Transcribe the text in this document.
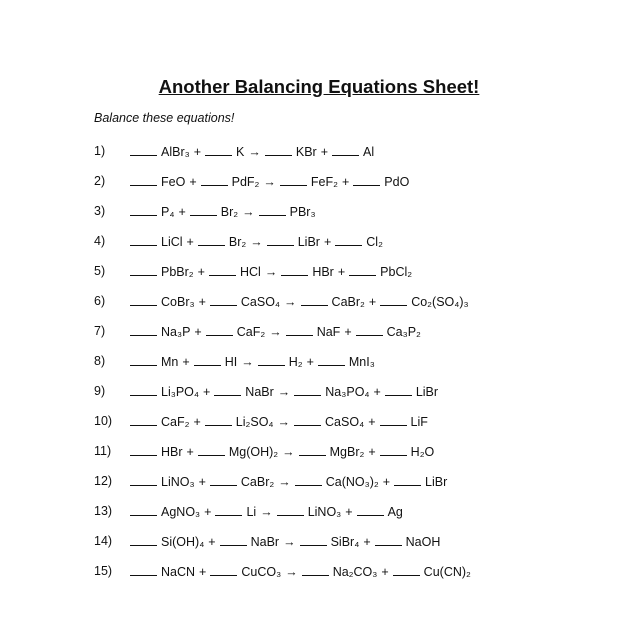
Another Balancing Equations Sheet!
Balance these equations!
1)	AlBr₃ +	K →	KBr +	Al
2)	FeO +	PdF₂ →	FeF₂ +	PdO
3)	P₄ +	Br₂ →	PBr₃
4)	LiCl +	Br₂ →	LiBr +	Cl₂
5)	PbBr₂ +	HCl →	HBr +	PbCl₂
6)	CoBr₃ +	CaSO₄ →	CaBr₂ +	Co₂(SO₄)₃
7)	Na₃P +	CaF₂ →	NaF +	Ca₃P₂
8)	Mn +	HI →	H₂ +	MnI₃
9)	Li₃PO₄ +	NaBr →	Na₃PO₄ +	LiBr
10)	CaF₂ +	Li₂SO₄ →	CaSO₄ +	LiF
11)	HBr +	Mg(OH)₂ →	MgBr₂ +	H₂O
12)	LiNO₃ +	CaBr₂ →	Ca(NO₃)₂ +	LiBr
13)	AgNO₃ +	Li →	LiNO₃ +	Ag
14)	Si(OH)₄ +	NaBr →	SiBr₄ +	NaOH
15)	NaCN +	CuCO₃ →	Na₂CO₃ +	Cu(CN)₂
